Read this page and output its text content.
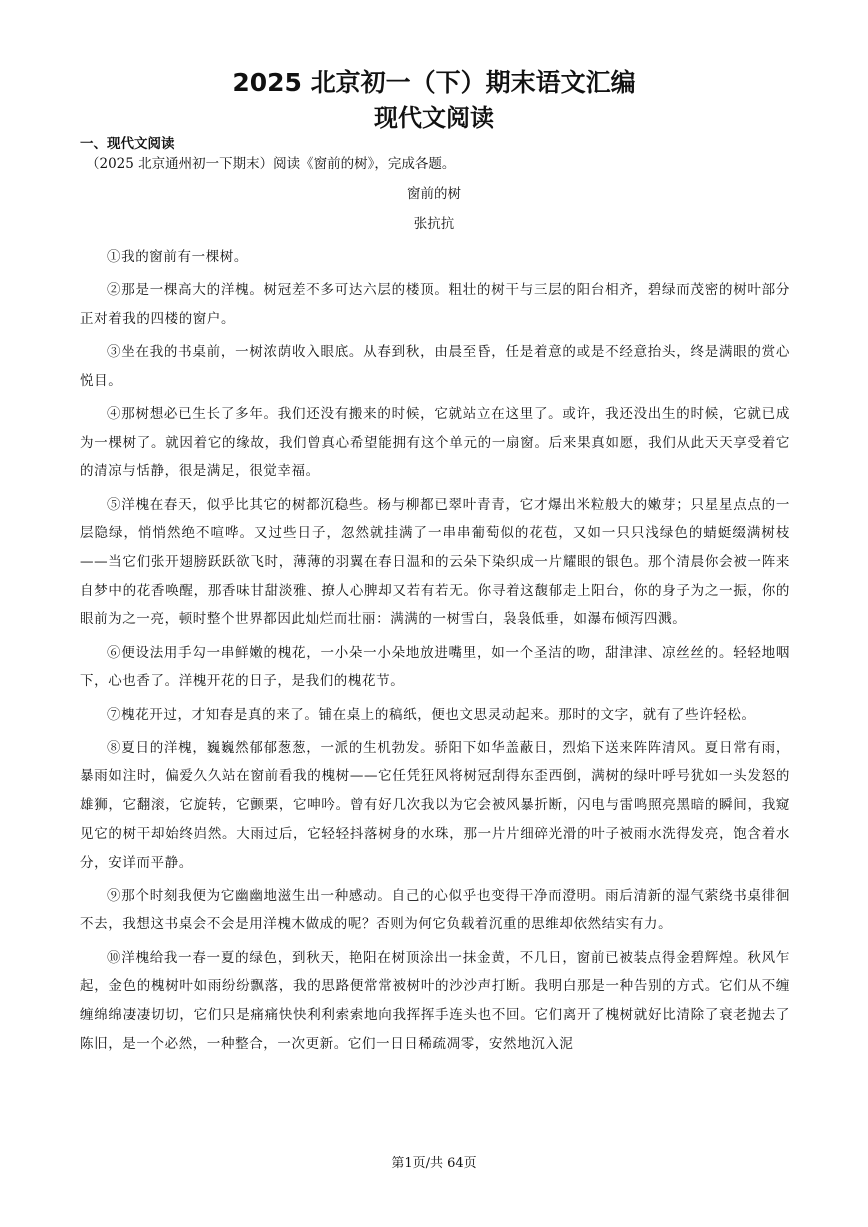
2025 北京初一（下）期末语文汇编
现代文阅读
一、现代文阅读

（2025 北京通州初一下期末）阅读《窗前的树》，完成各题。

窗前的树

张抗抗

①我的窗前有一棵树。

②那是一棵高大的洋槐。树冠差不多可达六层的楼顶。粗壮的树干与三层的阳台相齐，碧绿而茂密的树叶部分正对着我的四楼的窗户。

③坐在我的书桌前，一树浓荫收入眼底。从春到秋，由晨至昏，任是着意的或是不经意抬头，终是满眼的赏心悦目。

④那树想必已生长了多年。我们还没有搬来的时候，它就站立在这里了。或许，我还没出生的时候，它就已成为一棵树了。就因着它的缘故，我们曾真心希望能拥有这个单元的一扇窗。后来果真如愿，我们从此天天享受着它的清凉与恬静，很是满足，很觉幸福。

⑤洋槐在春天，似乎比其它的树都沉稳些。杨与柳都已翠叶青青，它才爆出米粒般大的嫩芽；只星星点点的一层隐绿，悄悄然绝不喧哗。又过些日子，忽然就挂满了一串串葡萄似的花苞，又如一只只浅绿色的蜻蜓缀满树枝——当它们张开翅膀跃跃欲飞时，薄薄的羽翼在春日温和的云朵下染织成一片耀眼的银色。那个清晨你会被一阵来自梦中的花香唤醒，那香味甘甜淡雅、撩人心脾却又若有若无。你寻着这馥郁走上阳台，你的身子为之一振，你的眼前为之一亮，顿时整个世界都因此灿烂而壮丽：满满的一树雪白，袅袅低垂，如瀑布倾泻四溅。

⑥便设法用手勾一串鲜嫩的槐花，一小朵一小朵地放进嘴里，如一个圣洁的吻，甜津津、凉丝丝的。轻轻地咽下，心也香了。洋槐开花的日子，是我们的槐花节。

⑦槐花开过，才知春是真的来了。铺在桌上的稿纸，便也文思灵动起来。那时的文字，就有了些许轻松。

⑧夏日的洋槐，巍巍然郁郁葱葱，一派的生机勃发。骄阳下如华盖蔽日，烈焰下送来阵阵清风。夏日常有雨，暴雨如注时，偏爱久久站在窗前看我的槐树——它任凭狂风将树冠刮得东歪西倒，满树的绿叶呼号犹如一头发怒的雄狮，它翻滚，它旋转，它颤栗，它呻吟。曾有好几次我以为它会被风暴折断，闪电与雷鸣照亮黑暗的瞬间，我窥见它的树干却始终岿然。大雨过后，它轻轻抖落树身的水珠，那一片片细碎光滑的叶子被雨水洗得发亮，饱含着水分，安详而平静。

⑨那个时刻我便为它幽幽地滋生出一种感动。自己的心似乎也变得干净而澄明。雨后清新的湿气萦绕书桌徘徊不去，我想这书桌会不会是用洋槐木做成的呢？否则为何它负载着沉重的思维却依然结实有力。

⑩洋槐给我一春一夏的绿色，到秋天，艳阳在树顶涂出一抹金黄，不几日，窗前已被装点得金碧辉煌。秋风乍起，金色的槐树叶如雨纷纷飘落，我的思路便常常被树叶的沙沙声打断。我明白那是一种告别的方式。它们从不缠缠绵绵凄凄切切，它们只是痛痛快快利利索索地向我挥挥手连头也不回。它们离开了槐树就好比清除了衰老抛去了陈旧，是一个必然，一种整合，一次更新。它们一日日稀疏凋零，安然地沉入泥

第1页/共 64页
